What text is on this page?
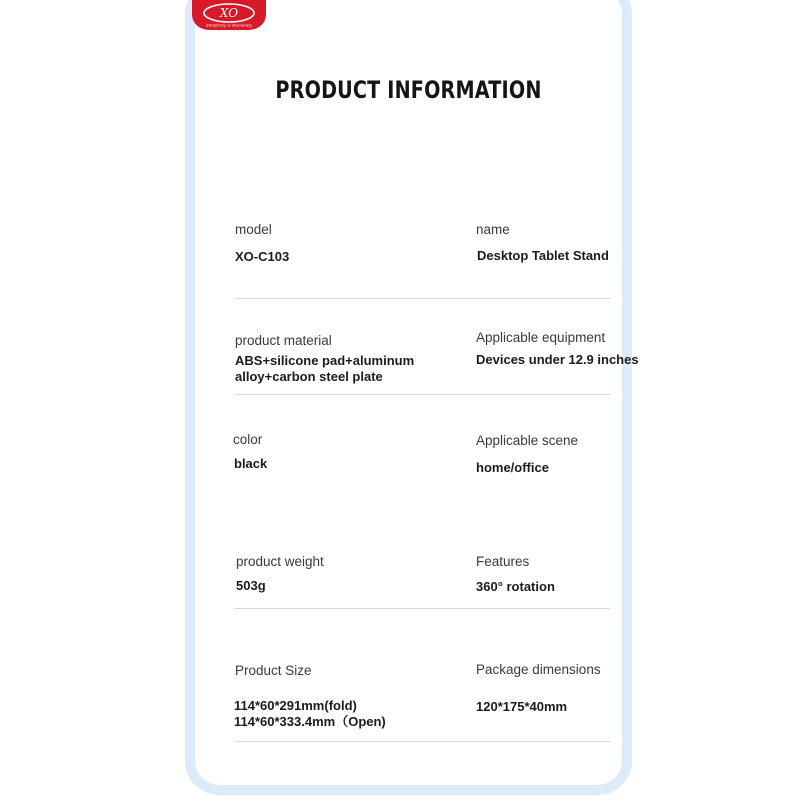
XO
Simplicity is Humanity
PRODUCT INFORMATION
model
XO-C103
name
Desktop Tablet Stand
product material
ABS+silicone pad+aluminum
alloy+carbon steel plate
Applicable equipment
Devices under 12.9 inches
color
black
Applicable scene
home/office
product weight
503g
Features
360° rotation
Product Size
114*60*291mm(fold)
114*60*333.4mm（Open)
Package dimensions
120*175*40mm
